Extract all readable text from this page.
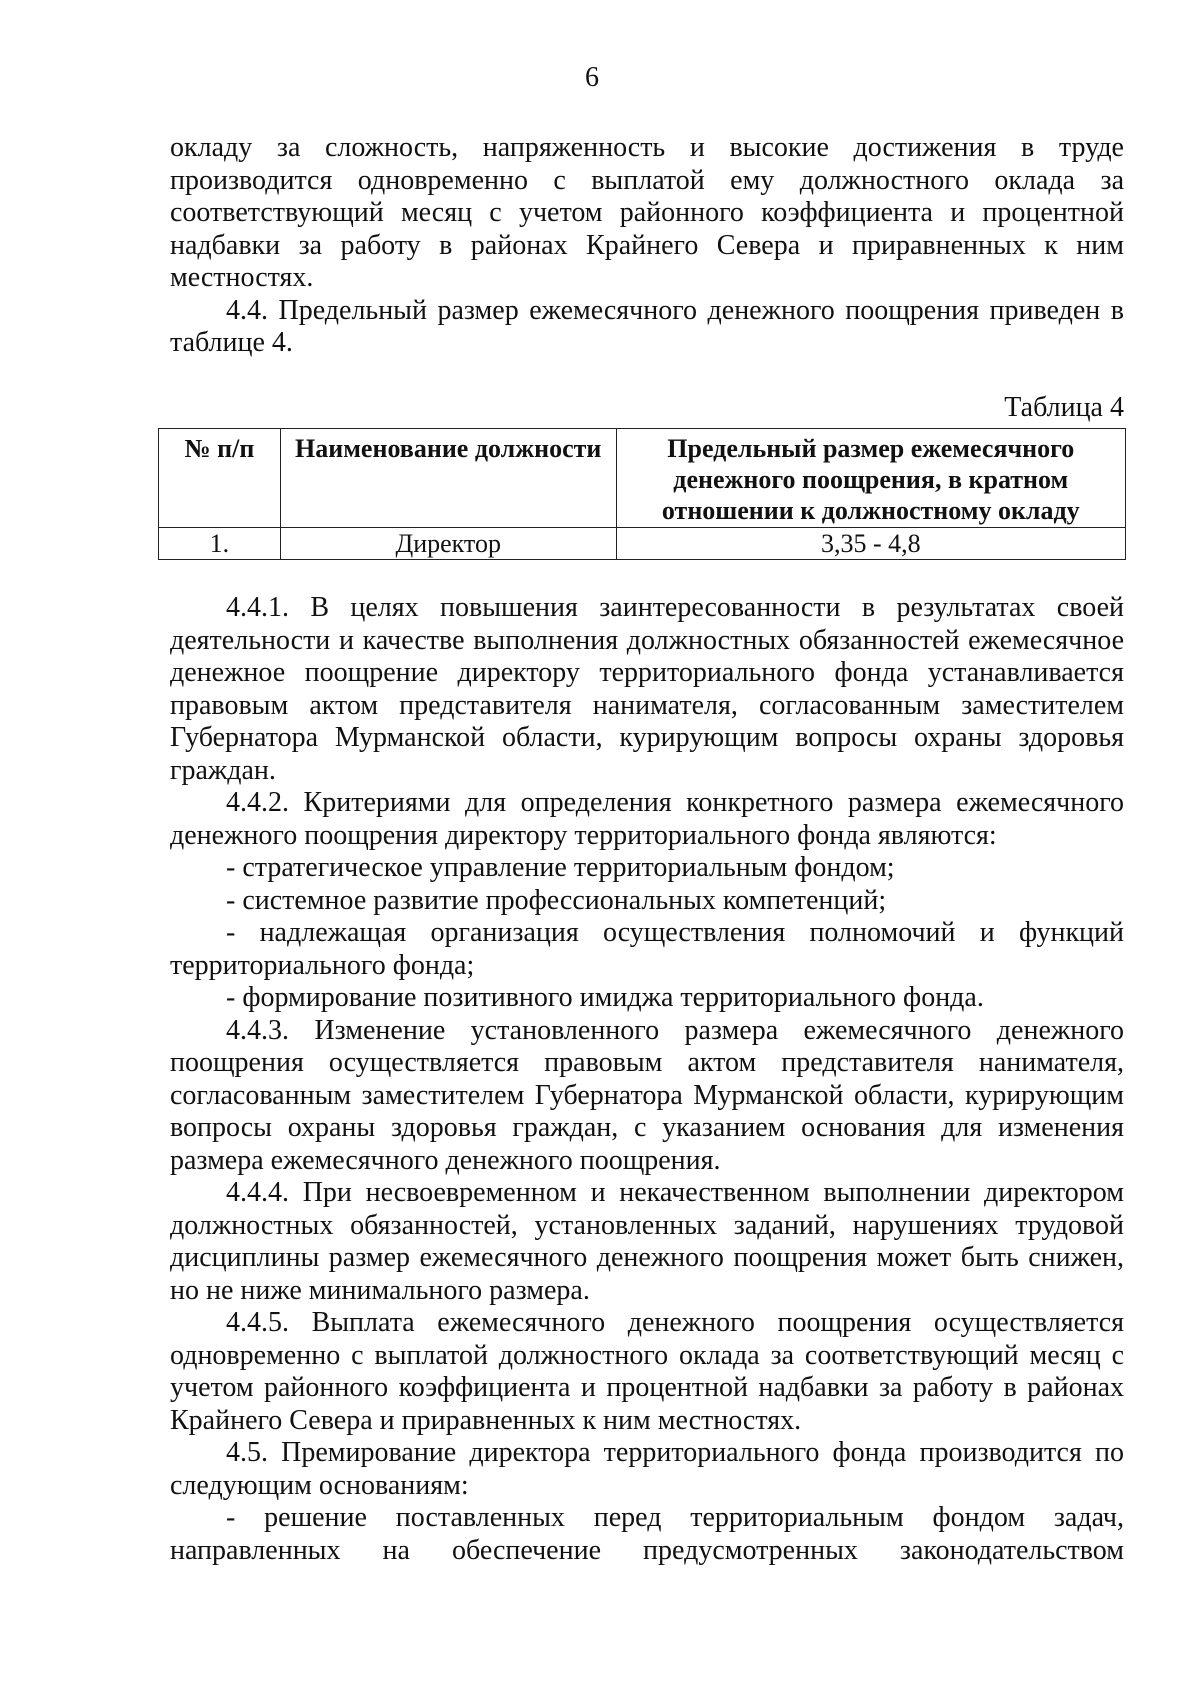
6

окладу за сложность, напряженность и высокие достижения в труде производится одновременно с выплатой ему должностного оклада за соответствующий месяц с учетом районного коэффициента и процентной надбавки за работу в районах Крайнего Севера и приравненных к ним местностях.

4.4. Предельный размер ежемесячного денежного поощрения приведен в таблице 4.

Таблица 4
№ п/п	Наименование должности	Предельный размер ежемесячного денежного поощрения, в кратном отношении к должностному окладу
1.	Директор	3,35 - 4,8

4.4.1. В целях повышения заинтересованности в результатах своей деятельности и качестве выполнения должностных обязанностей ежемесячное денежное поощрение директору территориального фонда устанавливается правовым актом представителя нанимателя, согласованным заместителем Губернатора Мурманской области, курирующим вопросы охраны здоровья граждан.

4.4.2. Критериями для определения конкретного размера ежемесячного денежного поощрения директору территориального фонда являются:

- стратегическое управление территориальным фондом;

- системное развитие профессиональных компетенций;

- надлежащая организация осуществления полномочий и функций территориального фонда;

- формирование позитивного имиджа территориального фонда.

4.4.3. Изменение установленного размера ежемесячного денежного поощрения осуществляется правовым актом представителя нанимателя, согласованным заместителем Губернатора Мурманской области, курирующим вопросы охраны здоровья граждан, с указанием основания для изменения размера ежемесячного денежного поощрения.

4.4.4. При несвоевременном и некачественном выполнении директором должностных обязанностей, установленных заданий, нарушениях трудовой дисциплины размер ежемесячного денежного поощрения может быть снижен, но не ниже минимального размера.

4.4.5. Выплата ежемесячного денежного поощрения осуществляется одновременно с выплатой должностного оклада за соответствующий месяц с учетом районного коэффициента и процентной надбавки за работу в районах Крайнего Севера и приравненных к ним местностях.

4.5. Премирование директора территориального фонда производится по следующим основаниям:

- решение поставленных перед территориальным фондом задач, направленных на обеспечение предусмотренных законодательством
